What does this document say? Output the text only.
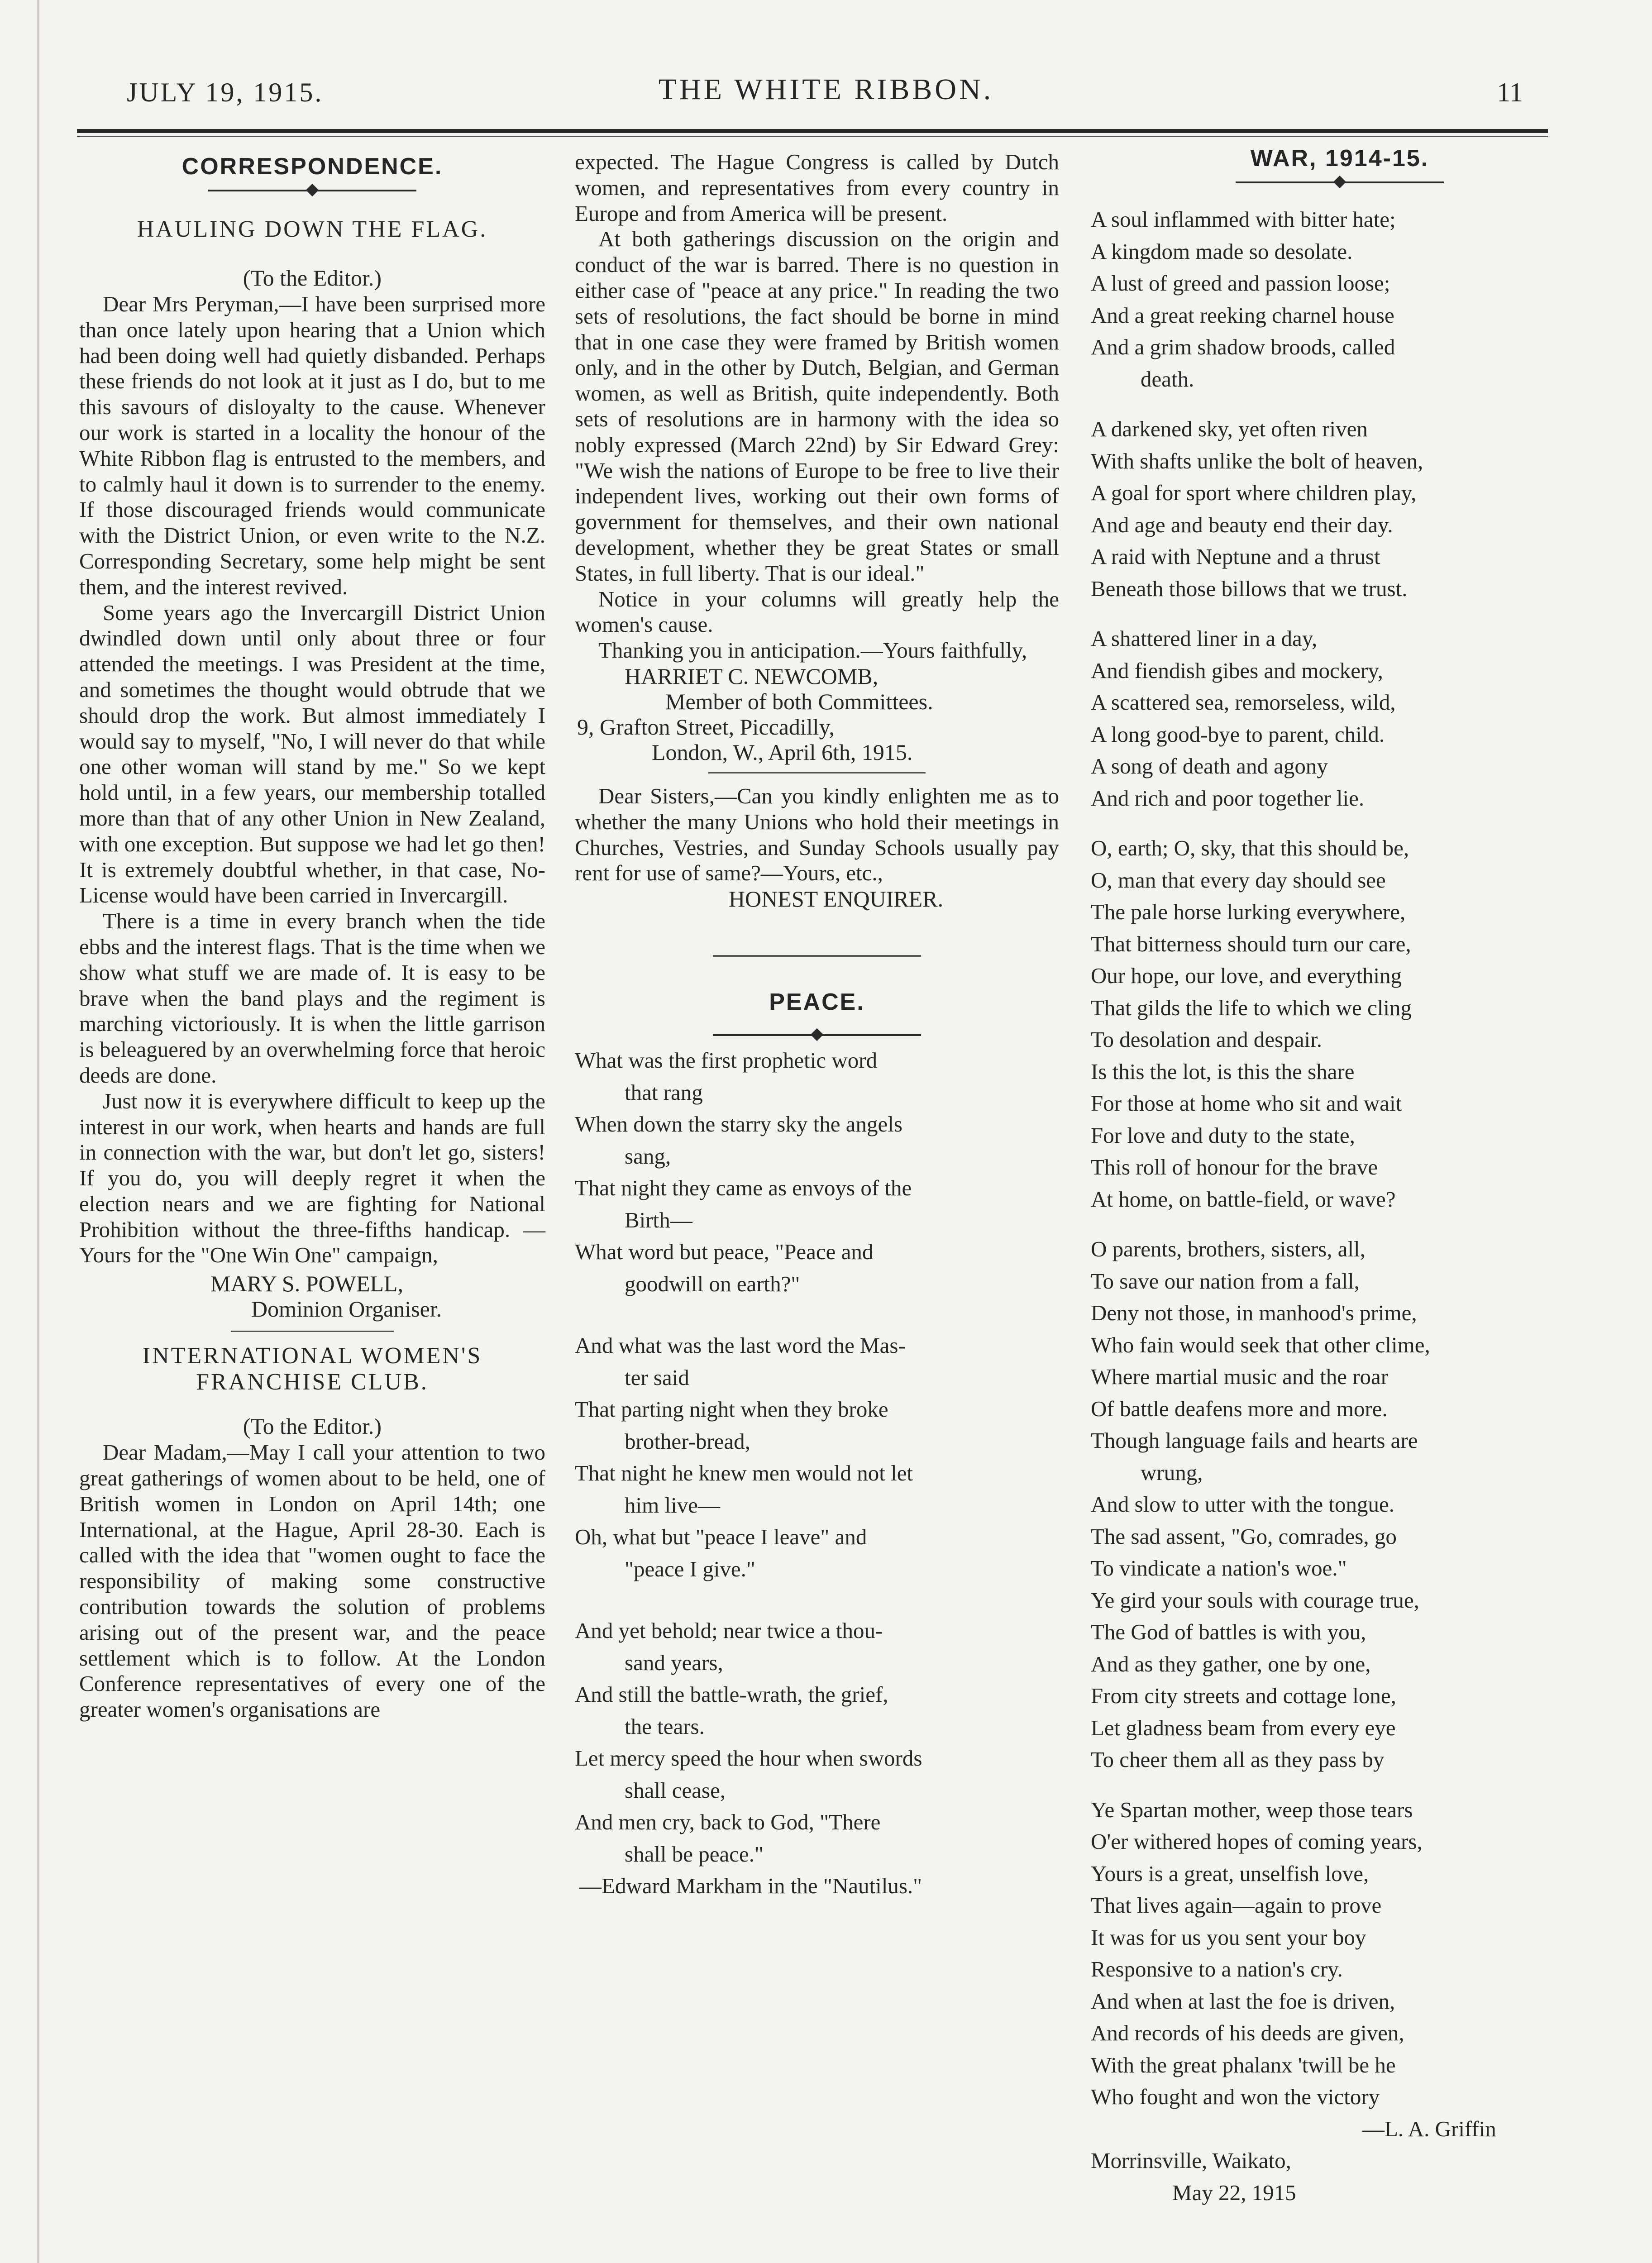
JULY 19, 1915.	THE WHITE RIBBON.	11
CORRESPONDENCE.
HAULING DOWN THE FLAG.
(To the Editor.)

Dear Mrs Peryman,—I have been surprised more than once lately upon hearing that a Union which had been doing well had quietly disbanded. Perhaps these friends do not look at it just as I do, but to me this savours of disloyalty to the cause. Whenever our work is started in a locality the honour of the White Ribbon flag is entrusted to the members, and to calmly haul it down is to surrender to the enemy. If those discouraged friends would communicate with the District Union, or even write to the N.Z. Corresponding Secretary, some help might be sent them, and the interest revived.

Some years ago the Invercargill District Union dwindled down until only about three or four attended the meetings. I was President at the time, and sometimes the thought would obtrude that we should drop the work. But almost immediately I would say to myself, "No, I will never do that while one other woman will stand by me." So we kept hold until, in a few years, our membership totalled more than that of any other Union in New Zealand, with one exception. But suppose we had let go then! It is extremely doubtful whether, in that case, No-License would have been carried in Invercargill.

There is a time in every branch when the tide ebbs and the interest flags. That is the time when we show what stuff we are made of. It is easy to be brave when the band plays and the regiment is marching victoriously. It is when the little garrison is beleaguered by an overwhelming force that heroic deeds are done.

Just now it is everywhere difficult to keep up the interest in our work, when hearts and hands are full in connection with the war, but don't let go, sisters! If you do, you will deeply regret it when the election nears and we are fighting for National Prohibition without the three-fifths handicap. —Yours for the "One Win One" campaign,

MARY S. POWELL,
Dominion Organiser.
INTERNATIONAL WOMEN'S
FRANCHISE CLUB.
(To the Editor.)

Dear Madam,—May I call your attention to two great gatherings of women about to be held, one of British women in London on April 14th; one International, at the Hague, April 28-30. Each is called with the idea that "women ought to face the responsibility of making some constructive contribution towards the solution of problems arising out of the present war, and the peace settlement which is to follow. At the London Conference representatives of every one of the greater women's organisations are

expected. The Hague Congress is called by Dutch women, and representatives from every country in Europe and from America will be present.

At both gatherings discussion on the origin and conduct of the war is barred. There is no question in either case of "peace at any price." In reading the two sets of resolutions, the fact should be borne in mind that in one case they were framed by British women only, and in the other by Dutch, Belgian, and German women, as well as British, quite independently. Both sets of resolutions are in harmony with the idea so nobly expressed (March 22nd) by Sir Edward Grey: "We wish the nations of Europe to be free to live their independent lives, working out their own forms of government for themselves, and their own national development, whether they be great States or small States, in full liberty. That is our ideal."

Notice in your columns will greatly help the women's cause.

Thanking you in anticipation.—Yours faithfully,

HARRIET C. NEWCOMB,
Member of both Committees.
9, Grafton Street, Piccadilly,
London, W., April 6th, 1915.

Dear Sisters,—Can you kindly enlighten me as to whether the many Unions who hold their meetings in Churches, Vestries, and Sunday Schools usually pay rent for use of same?—Yours, etc.,

HONEST ENQUIRER.
PEACE.
What was the first prophetic word
that rang
When down the starry sky the angels
sang,
That night they came as envoys of the
Birth—
What word but peace, "Peace and
goodwill on earth?"
And what was the last word the Mas-
ter said
That parting night when they broke
brother-bread,
That night he knew men would not let
him live—
Oh, what but "peace I leave" and
"peace I give."
And yet behold; near twice a thou-
sand years,
And still the battle-wrath, the grief,
the tears.
Let mercy speed the hour when swords
shall cease,
And men cry, back to God, "There
shall be peace."
—Edward Markham in the "Nautilus."
WAR, 1914-15.
A soul inflammed with bitter hate;
A kingdom made so desolate.
A lust of greed and passion loose;
And a great reeking charnel house
And a grim shadow broods, called
death.
A darkened sky, yet often riven
With shafts unlike the bolt of heaven,
A goal for sport where children play,
And age and beauty end their day.
A raid with Neptune and a thrust
Beneath those billows that we trust.
A shattered liner in a day,
And fiendish gibes and mockery,
A scattered sea, remorseless, wild,
A long good-bye to parent, child.
A song of death and agony
And rich and poor together lie.
O, earth; O, sky, that this should be,
O, man that every day should see
The pale horse lurking everywhere,
That bitterness should turn our care,
Our hope, our love, and everything
That gilds the life to which we cling
To desolation and despair.
Is this the lot, is this the share
For those at home who sit and wait
For love and duty to the state,
This roll of honour for the brave
At home, on battle-field, or wave?
O parents, brothers, sisters, all,
To save our nation from a fall,
Deny not those, in manhood's prime,
Who fain would seek that other clime,
Where martial music and the roar
Of battle deafens more and more.
Though language fails and hearts are
wrung,
And slow to utter with the tongue.
The sad assent, "Go, comrades, go
To vindicate a nation's woe."
Ye gird your souls with courage true,
The God of battles is with you,
And as they gather, one by one,
From city streets and cottage lone,
Let gladness beam from every eye
To cheer them all as they pass by
Ye Spartan mother, weep those tears
O'er withered hopes of coming years,
Yours is a great, unselfish love,
That lives again—again to prove
It was for us you sent your boy
Responsive to a nation's cry.
And when at last the foe is driven,
And records of his deeds are given,
With the great phalanx 'twill be he
Who fought and won the victory
—L. A. Griffin
Morrinsville, Waikato,
May 22, 1915
